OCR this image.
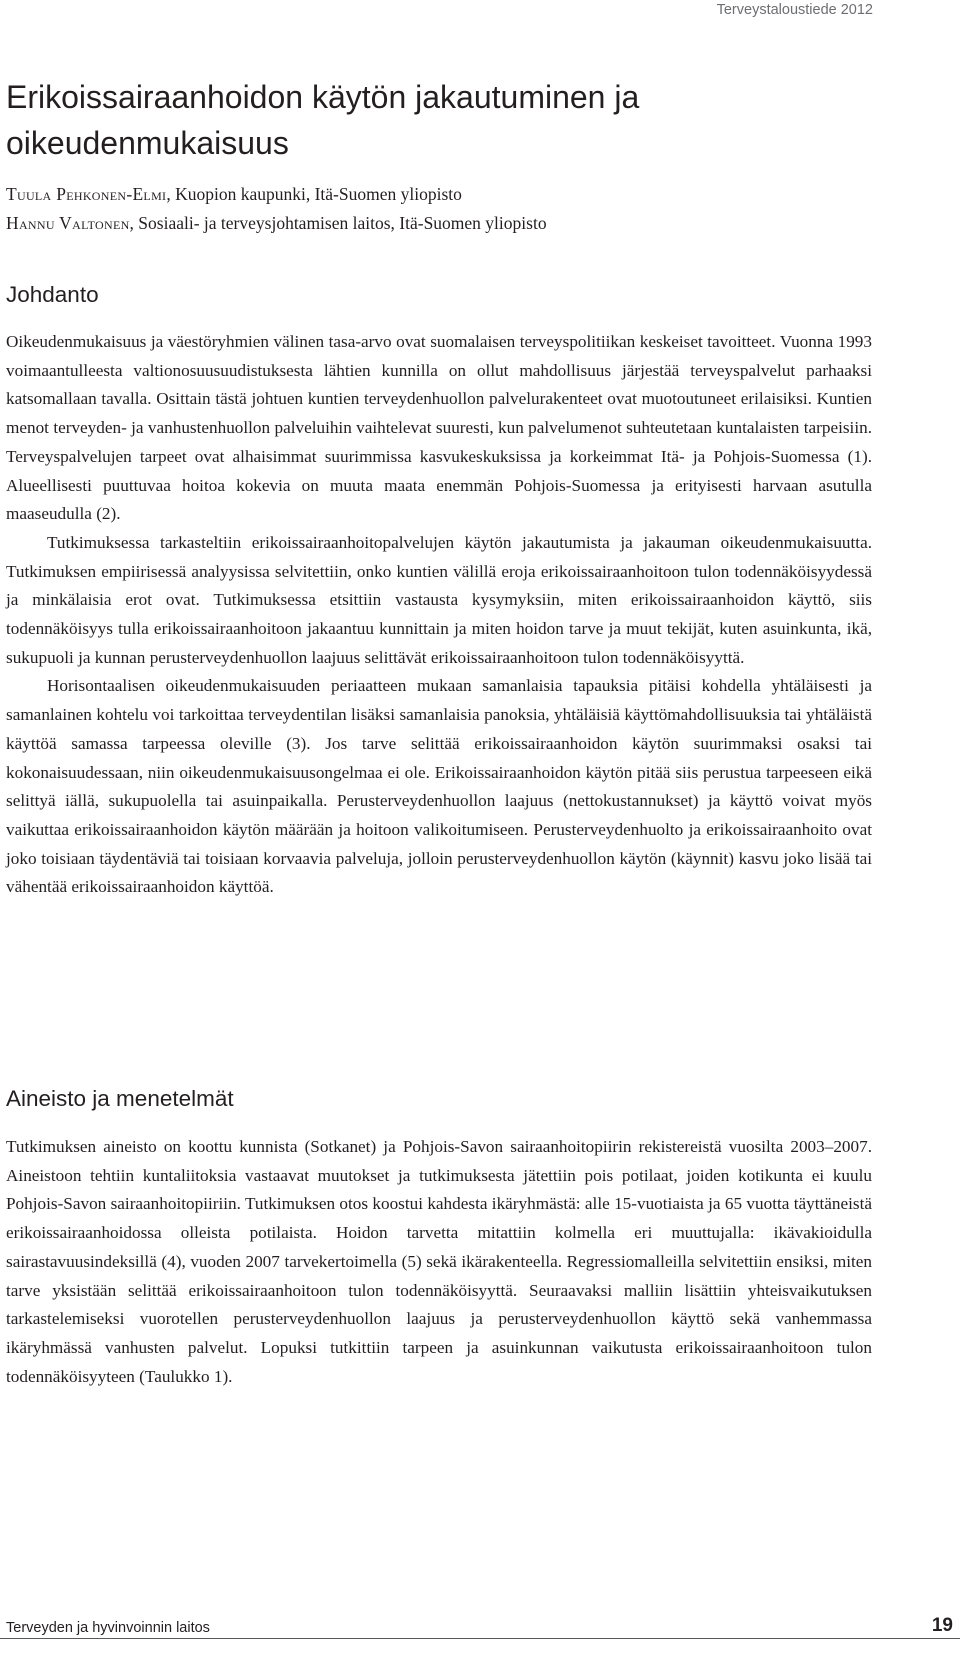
Terveystaloustiede 2012
Erikoissairaanhoidon käytön jakautuminen ja oikeudenmukaisuus
Tuula Pehkonen-Elmi, Kuopion kaupunki, Itä-Suomen yliopisto
Hannu Valtonen, Sosiaali- ja terveysjohtamisen laitos, Itä-Suomen yliopisto
Johdanto

Oikeudenmukaisuus ja väestöryhmien välinen tasa-arvo ovat suomalaisen terveyspolitiikan keskeiset tavoitteet. Vuonna 1993 voimaantulleesta valtionosuusuudistuksesta lähtien kunnilla on ollut mahdollisuus järjestää terveyspalvelut parhaaksi katsomallaan tavalla. Osittain tästä johtuen kuntien terveydenhuollon palvelurakenteet ovat muotoutuneet erilaisiksi. Kuntien menot terveyden- ja vanhustenhuollon palveluihin vaihtelevat suuresti, kun palvelumenot suhteutetaan kuntalaisten tarpeisiin. Terveyspalvelujen tarpeet ovat alhaisimmat suurimmissa kasvukeskuksissa ja korkeimmat Itä- ja Pohjois-Suomessa (1). Alueellisesti puuttuvaa hoitoa kokevia on muuta maata enemmän Pohjois-Suomessa ja erityisesti harvaan asutulla maaseudulla (2).

Tutkimuksessa tarkasteltiin erikoissairaanhoitopalvelujen käytön jakautumista ja jakauman oikeudenmukaisuutta. Tutkimuksen empiirisessä analyysissa selvitettiin, onko kuntien välillä eroja erikoissairaanhoitoon tulon todennäköisyydessä ja minkälaisia erot ovat. Tutkimuksessa etsittiin vastausta kysymyksiin, miten erikoissairaanhoidon käyttö, siis todennäköisyys tulla erikoissairaanhoitoon jakaantuu kunnittain ja miten hoidon tarve ja muut tekijät, kuten asuinkunta, ikä, sukupuoli ja kunnan perusterveydenhuollon laajuus selittävät erikoissairaanhoitoon tulon todennäköisyyttä.

Horisontaalisen oikeudenmukaisuuden periaatteen mukaan samanlaisia tapauksia pitäisi kohdella yhtäläisesti ja samanlainen kohtelu voi tarkoittaa terveydentilan lisäksi samanlaisia panoksia, yhtäläisiä käyttömahdollisuuksia tai yhtäläistä käyttöä samassa tarpeessa oleville (3). Jos tarve selittää erikoissairaanhoidon käytön suurimmaksi osaksi tai kokonaisuudessaan, niin oikeudenmukaisuusongelmaa ei ole. Erikoissairaanhoidon käytön pitää siis perustua tarpeeseen eikä selittyä iällä, sukupuolella tai asuinpaikalla. Perusterveydenhuollon laajuus (nettokustannukset) ja käyttö voivat myös vaikuttaa erikoissairaanhoidon käytön määrään ja hoitoon valikoitumiseen. Perusterveydenhuolto ja erikoissairaanhoito ovat joko toisiaan täydentäviä tai toisiaan korvaavia palveluja, jolloin perusterveydenhuollon käytön (käynnit) kasvu joko lisää tai vähentää erikoissairaanhoidon käyttöä.

Aineisto ja menetelmät

Tutkimuksen aineisto on koottu kunnista (Sotkanet) ja Pohjois-Savon sairaanhoitopiirin rekistereistä vuosilta 2003–2007. Aineistoon tehtiin kuntaliitoksia vastaavat muutokset ja tutkimuksesta jätettiin pois potilaat, joiden kotikunta ei kuulu Pohjois-Savon sairaanhoitopiiriin. Tutkimuksen otos koostui kahdesta ikäryhmästä: alle 15-vuotiaista ja 65 vuotta täyttäneistä erikoissairaanhoidossa olleista potilaista. Hoidon tarvetta mitattiin kolmella eri muuttujalla: ikävakioidulla sairastavuusindeksillä (4), vuoden 2007 tarvekertoimella (5) sekä ikärakenteella. Regressiomalleilla selvitettiin ensiksi, miten tarve yksistään selittää erikoissairaanhoitoon tulon todennäköisyyttä. Seuraavaksi malliin lisättiin yhteisvaikutuksen tarkastelemiseksi vuorotellen perusterveydenhuollon laajuus ja perusterveydenhuollon käyttö sekä vanhemmassa ikäryhmässä vanhusten palvelut. Lopuksi tutkittiin tarpeen ja asuinkunnan vaikutusta erikoissairaanhoitoon tulon todennäköisyyteen (Taulukko 1).

Terveyden ja hyvinvoinnin laitos	19
